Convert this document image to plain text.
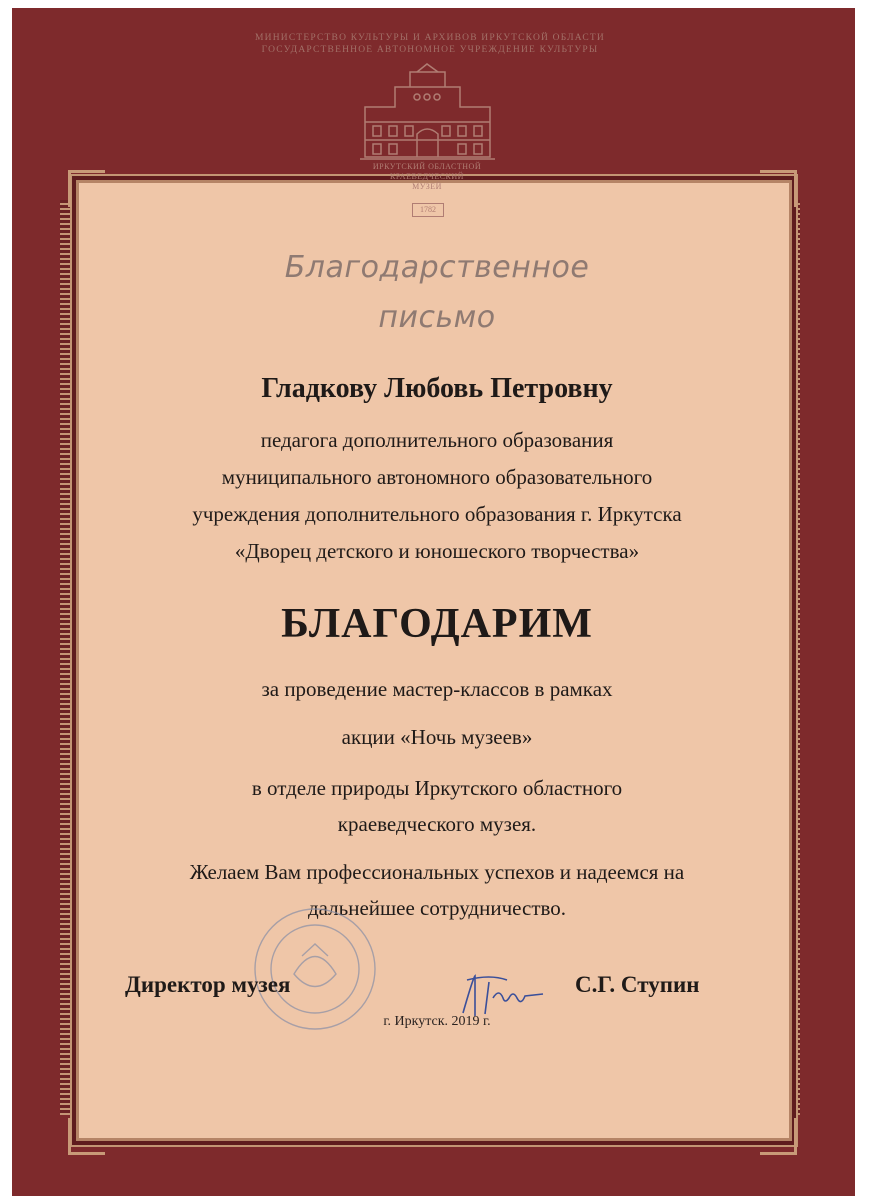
МИНИСТЕРСТВО КУЛЬТУРЫ И АРХИВОВ ИРКУТСКОЙ ОБЛАСТИ
ГОСУДАРСТВЕННОЕ АВТОНОМНОЕ УЧРЕЖДЕНИЕ КУЛЬТУРЫ
ИРКУТСКИЙ ОБЛАСТНОЙ
КРАЕВЕДЧЕСКИЙ
МУЗЕЙ
1782
Благодарственное
письмо
Гладкову Любовь Петровну
педагога дополнительного образования
муниципального автономного образовательного
учреждения дополнительного образования г. Иркутска
«Дворец детского и юношеского творчества»
БЛАГОДАРИМ
за проведение мастер-классов в рамках
акции «Ночь музеев»
в отделе природы Иркутского областного
краеведческого музея.
Желаем Вам профессиональных успехов и надеемся на
дальнейшее сотрудничество.
Директор музея	С.Г. Ступин
г. Иркутск. 2019 г.
